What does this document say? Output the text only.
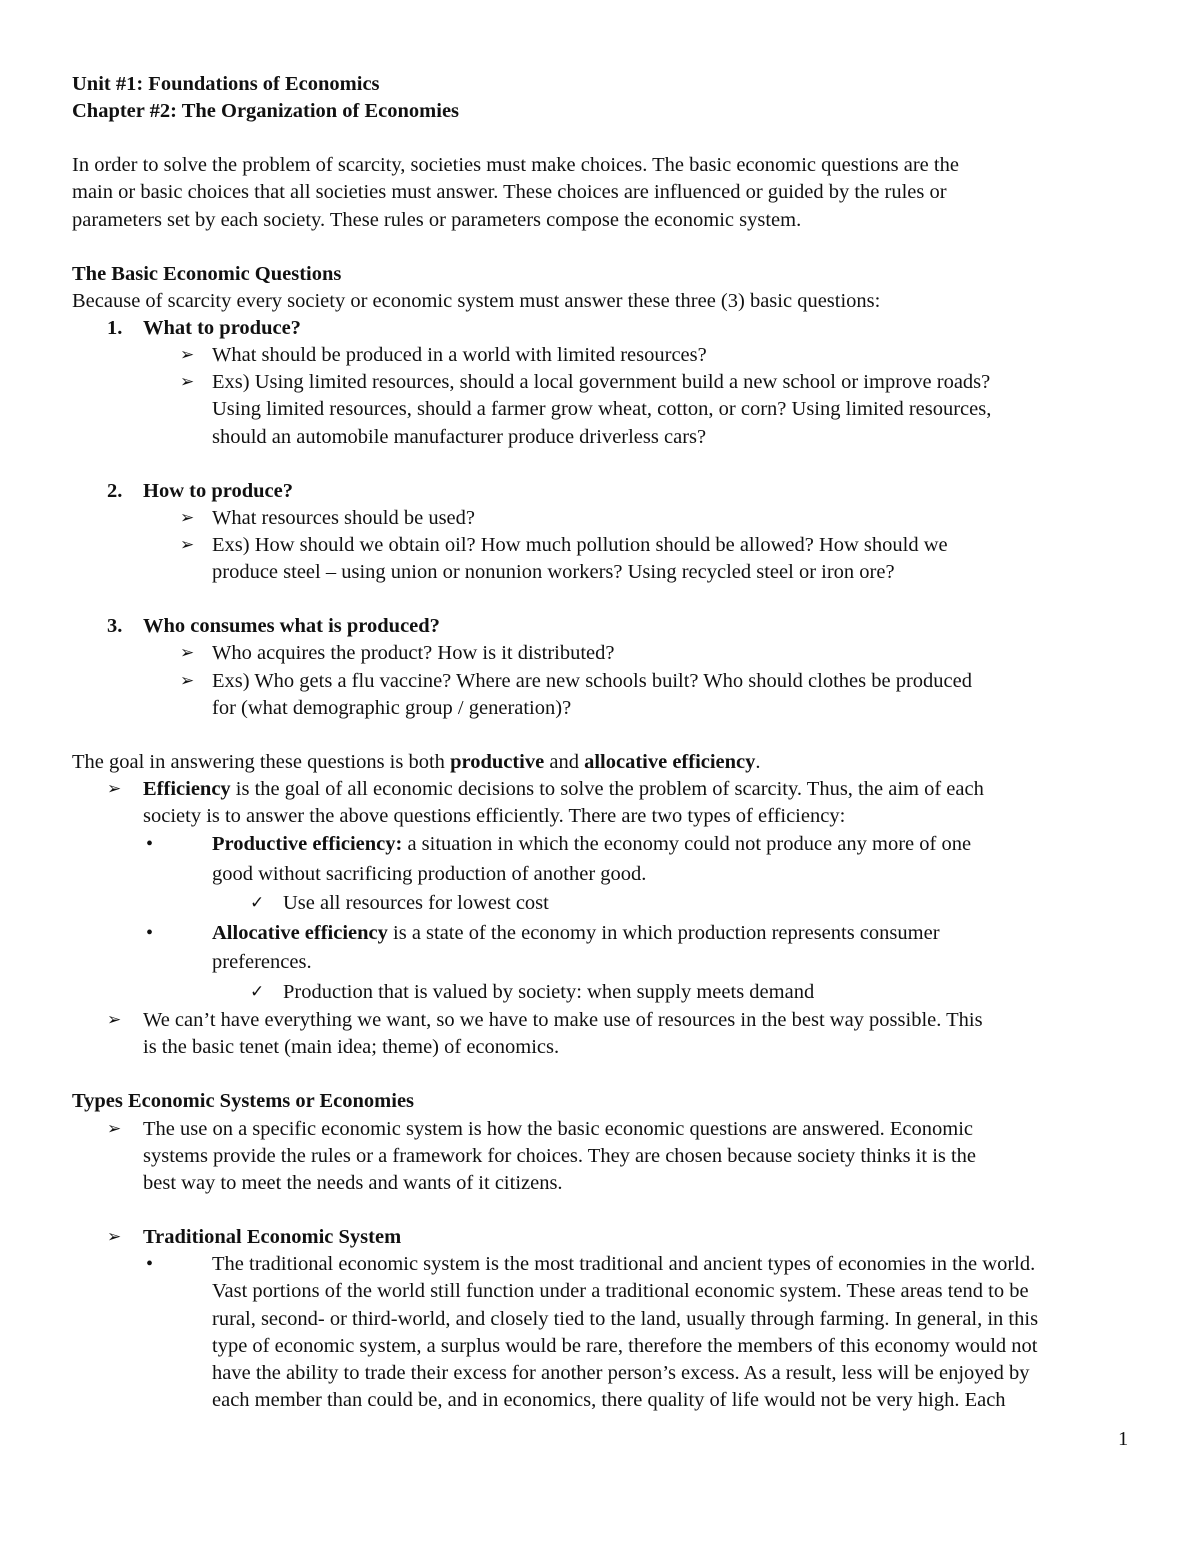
Unit #1: Foundations of Economics
Chapter #2: The Organization of Economies
In order to solve the problem of scarcity, societies must make choices. The basic economic questions are the
main or basic choices that all societies must answer. These choices are influenced or guided by the rules or
parameters set by each society. These rules or parameters compose the economic system.
The Basic Economic Questions
Because of scarcity every society or economic system must answer these three (3) basic questions:
1. What to produce?
➢ What should be produced in a world with limited resources?
➢ Exs) Using limited resources, should a local government build a new school or improve roads?
Using limited resources, should a farmer grow wheat, cotton, or corn? Using limited resources,
should an automobile manufacturer produce driverless cars?
2. How to produce?
➢ What resources should be used?
➢ Exs) How should we obtain oil? How much pollution should be allowed? How should we
produce steel – using union or nonunion workers? Using recycled steel or iron ore?
3. Who consumes what is produced?
➢ Who acquires the product? How is it distributed?
➢ Exs) Who gets a flu vaccine? Where are new schools built? Who should clothes be produced
for (what demographic group / generation)?
The goal in answering these questions is both productive and allocative efficiency.
➢ Efficiency is the goal of all economic decisions to solve the problem of scarcity. Thus, the aim of each
society is to answer the above questions efficiently. There are two types of efficiency:
•	Productive efficiency: a situation in which the economy could not produce any more of one
good without sacrificing production of another good.
✓ Use all resources for lowest cost
•	Allocative efficiency is a state of the economy in which production represents consumer
preferences.
✓ Production that is valued by society: when supply meets demand
➢ We can’t have everything we want, so we have to make use of resources in the best way possible. This
is the basic tenet (main idea; theme) of economics.
Types Economic Systems or Economies
➢ The use on a specific economic system is how the basic economic questions are answered. Economic
systems provide the rules or a framework for choices. They are chosen because society thinks it is the
best way to meet the needs and wants of it citizens.
➢ Traditional Economic System
•	The traditional economic system is the most traditional and ancient types of economies in the world.
Vast portions of the world still function under a traditional economic system. These areas tend to be
rural, second- or third-world, and closely tied to the land, usually through farming. In general, in this
type of economic system, a surplus would be rare, therefore the members of this economy would not
have the ability to trade their excess for another person’s excess. As a result, less will be enjoyed by
each member than could be, and in economics, there quality of life would not be very high. Each
1
